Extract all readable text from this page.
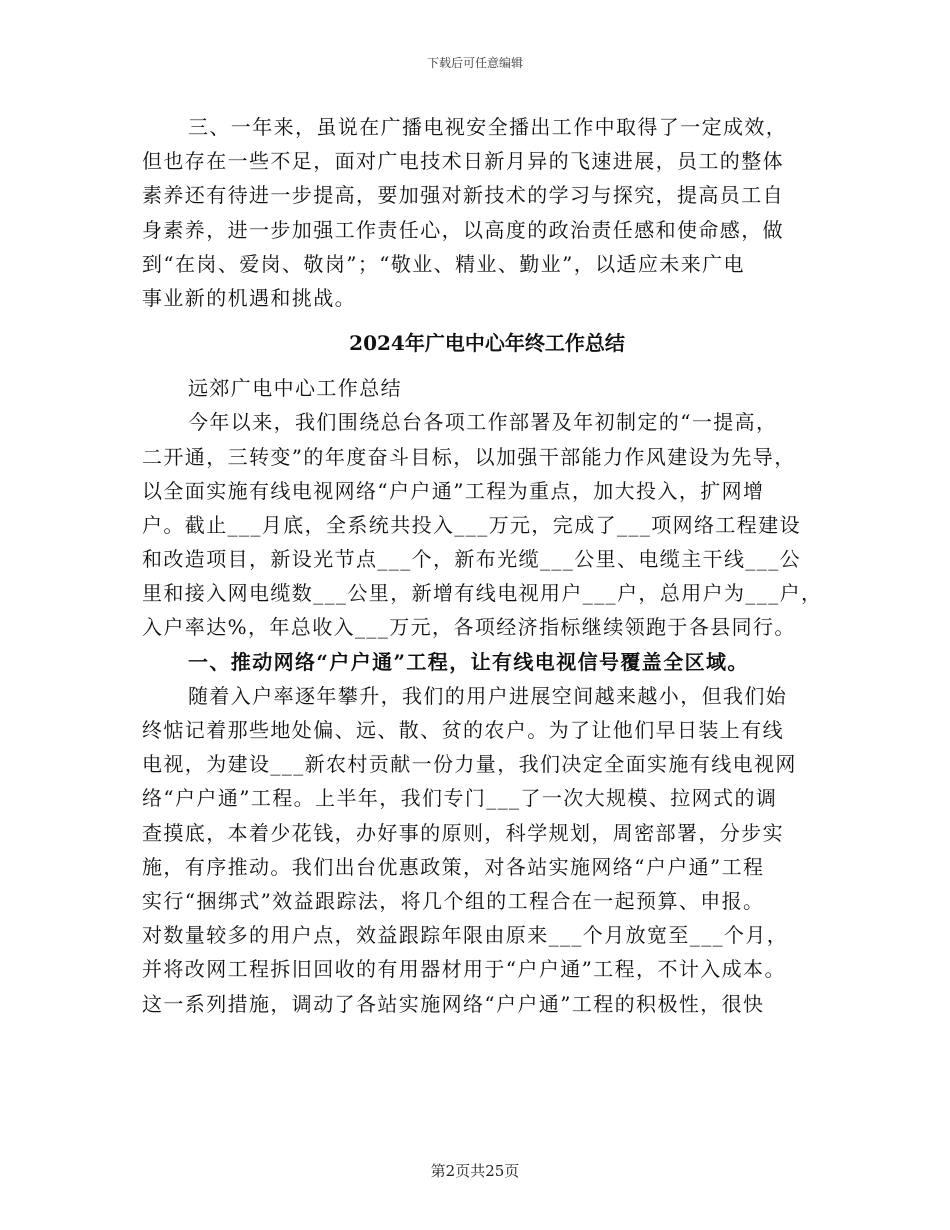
下载后可任意编辑
三、一年来，虽说在广播电视安全播出工作中取得了一定成效，
但也存在一些不足，面对广电技术日新月异的飞速进展，员工的整体
素养还有待进一步提高，要加强对新技术的学习与探究，提高员工自
身素养，进一步加强工作责任心，以高度的政治责任感和使命感，做
到“在岗、爱岗、敬岗”；“敬业、精业、勤业”，以适应未来广电
事业新的机遇和挑战。
2024年广电中心年终工作总结
远郊广电中心工作总结
今年以来，我们围绕总台各项工作部署及年初制定的“一提高，
二开通，三转变”的年度奋斗目标，以加强干部能力作风建设为先导，
以全面实施有线电视网络“户户通”工程为重点，加大投入，扩网增
户。截止___月底，全系统共投入___万元，完成了___项网络工程建设
和改造项目，新设光节点___个，新布光缆___公里、电缆主干线___公
里和接入网电缆数___公里，新增有线电视用户___户，总用户为___户，
入户率达%，年总收入___万元，各项经济指标继续领跑于各县同行。
一、推动网络“户户通”工程，让有线电视信号覆盖全区域。
随着入户率逐年攀升，我们的用户进展空间越来越小，但我们始
终惦记着那些地处偏、远、散、贫的农户。为了让他们早日装上有线
电视，为建设___新农村贡献一份力量，我们决定全面实施有线电视网
络“户户通”工程。上半年，我们专门___了一次大规模、拉网式的调
查摸底，本着少花钱，办好事的原则，科学规划，周密部署，分步实
施，有序推动。我们出台优惠政策，对各站实施网络“户户通”工程
实行“捆绑式”效益跟踪法，将几个组的工程合在一起预算、申报。
对数量较多的用户点，效益跟踪年限由原来___个月放宽至___个月，
并将改网工程拆旧回收的有用器材用于“户户通”工程，不计入成本。
这一系列措施，调动了各站实施网络“户户通”工程的积极性，很快
第2页共25页
